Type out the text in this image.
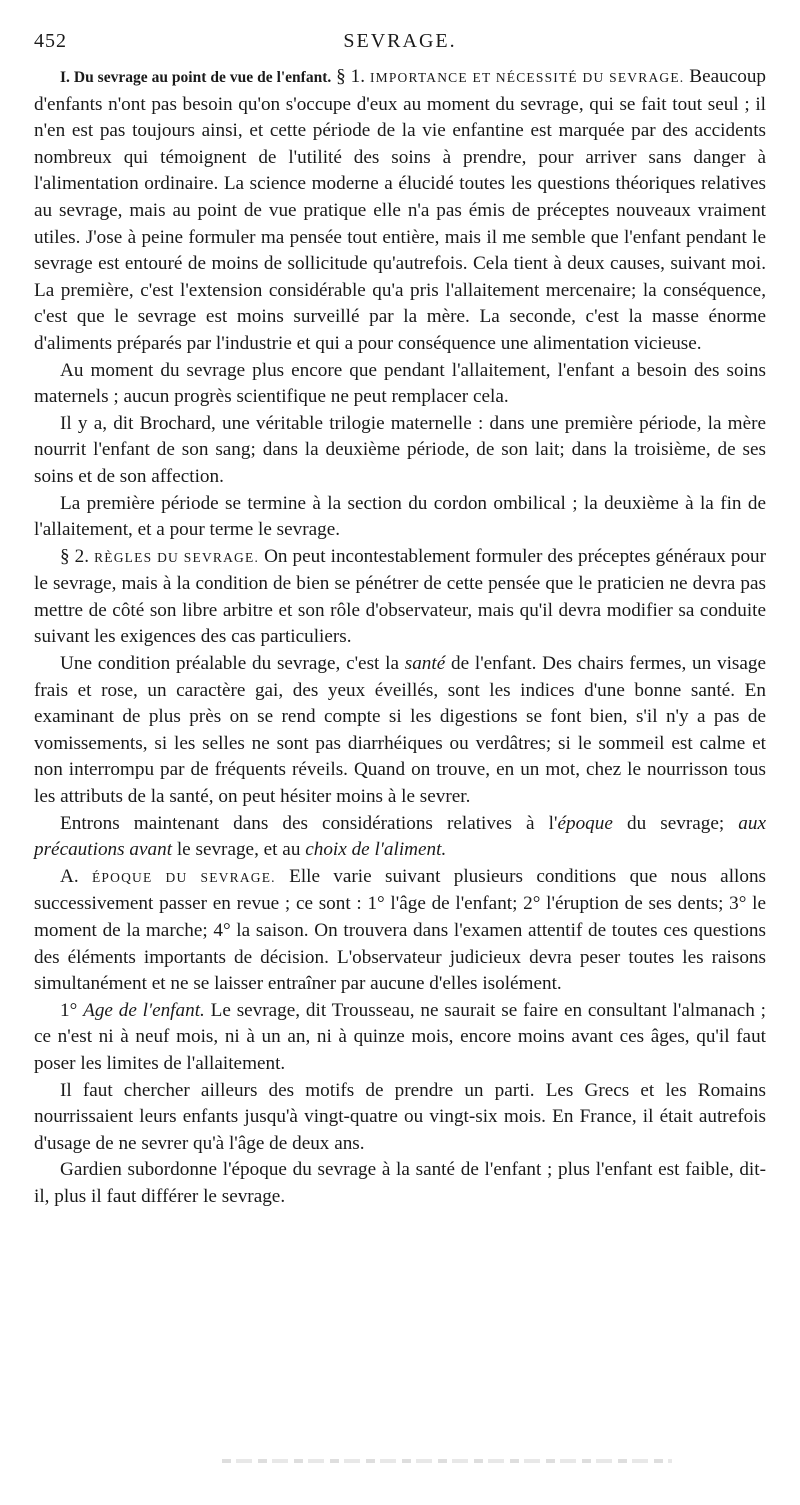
452	SEVRAGE.

I. Du sevrage au point de vue de l'enfant. § 1. IMPORTANCE ET NÉCESSITÉ DU SEVRAGE. Beaucoup d'enfants n'ont pas besoin qu'on s'occupe d'eux au moment du sevrage, qui se fait tout seul ; il n'en est pas toujours ainsi, et cette période de la vie enfantine est marquée par des accidents nombreux qui témoignent de l'utilité des soins à prendre, pour arriver sans danger à l'alimentation ordinaire. La science moderne a élucidé toutes les questions théoriques relatives au sevrage, mais au point de vue pratique elle n'a pas émis de préceptes nouveaux vraiment utiles. J'ose à peine formuler ma pensée tout entière, mais il me semble que l'enfant pendant le sevrage est entouré de moins de sollicitude qu'autrefois. Cela tient à deux causes, suivant moi. La première, c'est l'extension considérable qu'a pris l'allaitement mercenaire; la conséquence, c'est que le sevrage est moins surveillé par la mère. La seconde, c'est la masse énorme d'aliments préparés par l'industrie et qui a pour conséquence une alimentation vicieuse.

Au moment du sevrage plus encore que pendant l'allaitement, l'enfant a besoin des soins maternels ; aucun progrès scientifique ne peut remplacer cela.

Il y a, dit Brochard, une véritable trilogie maternelle : dans une première période, la mère nourrit l'enfant de son sang; dans la deuxième période, de son lait; dans la troisième, de ses soins et de son affection.

La première période se termine à la section du cordon ombilical ; la deuxième à la fin de l'allaitement, et a pour terme le sevrage.

§ 2. RÈGLES DU SEVRAGE. On peut incontestablement formuler des préceptes généraux pour le sevrage, mais à la condition de bien se pénétrer de cette pensée que le praticien ne devra pas mettre de côté son libre arbitre et son rôle d'observateur, mais qu'il devra modifier sa conduite suivant les exigences des cas particuliers.

Une condition préalable du sevrage, c'est la santé de l'enfant. Des chairs fermes, un visage frais et rose, un caractère gai, des yeux éveillés, sont les indices d'une bonne santé. En examinant de plus près on se rend compte si les digestions se font bien, s'il n'y a pas de vomissements, si les selles ne sont pas diarrhéiques ou verdâtres; si le sommeil est calme et non interrompu par de fréquents réveils. Quand on trouve, en un mot, chez le nourrisson tous les attributs de la santé, on peut hésiter moins à le sevrer.

Entrons maintenant dans des considérations relatives à l'époque du sevrage; aux précautions avant le sevrage, et au choix de l'aliment.

A. ÉPOQUE DU SEVRAGE. Elle varie suivant plusieurs conditions que nous allons successivement passer en revue ; ce sont : 1° l'âge de l'enfant; 2° l'éruption de ses dents; 3° le moment de la marche; 4° la saison. On trouvera dans l'examen attentif de toutes ces questions des éléments importants de décision. L'observateur judicieux devra peser toutes les raisons simultanément et ne se laisser entraîner par aucune d'elles isolément.

1° Age de l'enfant. Le sevrage, dit Trousseau, ne saurait se faire en consultant l'almanach ; ce n'est ni à neuf mois, ni à un an, ni à quinze mois, encore moins avant ces âges, qu'il faut poser les limites de l'allaitement.

Il faut chercher ailleurs des motifs de prendre un parti. Les Grecs et les Romains nourrissaient leurs enfants jusqu'à vingt-quatre ou vingt-six mois. En France, il était autrefois d'usage de ne sevrer qu'à l'âge de deux ans.

Gardien subordonne l'époque du sevrage à la santé de l'enfant ; plus l'enfant est faible, dit-il, plus il faut différer le sevrage.
